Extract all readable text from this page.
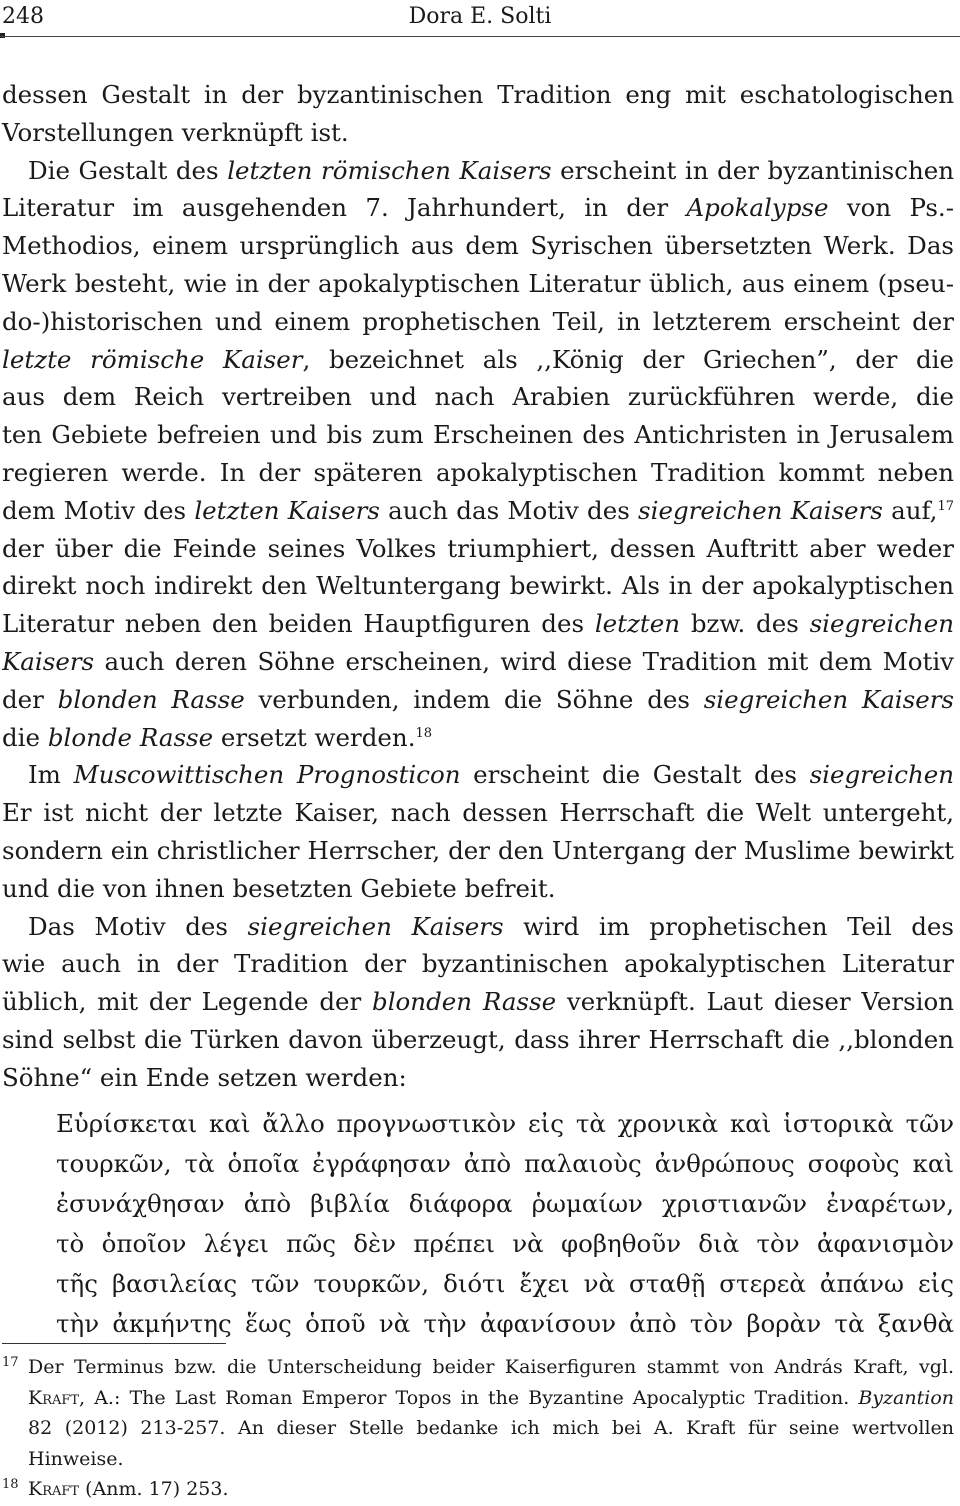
248	Dora E. Solti
dessen Gestalt in der byzantinischen Tradition eng mit eschatologischen
Vorstellungen verknüpft ist.
Die Gestalt des letzten römischen Kaisers erscheint in der byzantinischen
Literatur im ausgehenden 7. Jahrhundert, in der Apokalypse von Ps.-
Methodios, einem ursprünglich aus dem Syrischen übersetzten Werk. Das
Werk besteht, wie in der apokalyptischen Literatur üblich, aus einem (pseu-
do-)historischen und einem prophetischen Teil, in letzterem erscheint der
letzte römische Kaiser, bezeichnet als ,,König der Griechen”, der die
aus dem Reich vertreiben und nach Arabien zurückführen werde, die
ten Gebiete befreien und bis zum Erscheinen des Antichristen in Jerusalem
regieren werde. In der späteren apokalyptischen Tradition kommt neben
dem Motiv des letzten Kaisers auch das Motiv des siegreichen Kaisers auf,$^{17}$
der über die Feinde seines Volkes triumphiert, dessen Auftritt aber weder
direkt noch indirekt den Weltuntergang bewirkt. Als in der apokalyptischen
Literatur neben den beiden Hauptfiguren des letzten bzw. des siegreichen
Kaisers auch deren Söhne erscheinen, wird diese Tradition mit dem Motiv
der blonden Rasse verbunden, indem die Söhne des siegreichen Kaisers
die blonde Rasse ersetzt werden.$^{18}$
Im Muscowittischen Prognosticon erscheint die Gestalt des siegreichen
Er ist nicht der letzte Kaiser, nach dessen Herrschaft die Welt untergeht,
sondern ein christlicher Herrscher, der den Untergang der Muslime bewirkt
und die von ihnen besetzten Gebiete befreit.
Das Motiv des siegreichen Kaisers wird im prophetischen Teil des
wie auch in der Tradition der byzantinischen apokalyptischen Literatur
üblich, mit der Legende der blonden Rasse verknüpft. Laut dieser Version
sind selbst die Türken davon überzeugt, dass ihrer Herrschaft die ,,blonden
Söhne“ ein Ende setzen werden:
Εὑρίσκεται καὶ ἄλλο προγνωστικὸν εἰς τὰ χρονικὰ καὶ ἱστορικὰ τῶν
τουρκῶν, τὰ ὁποῖα ἐγράφησαν ἀπὸ παλαιοὺς ἀνθρώπους σοφοὺς καὶ
ἐσυνάχθησαν ἀπὸ βιβλία διάφορα ῥωμαίων χριστιανῶν ἐναρέτων,
τὸ ὁποῖον λέγει πῶς δὲν πρέπει νὰ φοβηθοῦν διὰ τὸν ἀφανισμὸν
τῆς βασιλείας τῶν τουρκῶν, διότι ἔχει νὰ σταθῇ στερεὰ ἀπάνω εἰς
τὴν ἀκμήντης ἕως ὁποῦ νὰ τὴν ἀφανίσουν ἀπὸ τὸν βορὰν τὰ ξανθὰ
17 Der Terminus bzw. die Unterscheidung beider Kaiserfiguren stammt von András Kraft, vgl.
Kraft, A.: The Last Roman Emperor Topos in the Byzantine Apocalyptic Tradition. Byzantion
82 (2012) 213-257. An dieser Stelle bedanke ich mich bei A. Kraft für seine wertvollen
Hinweise.
18 Kraft (Anm. 17) 253.
